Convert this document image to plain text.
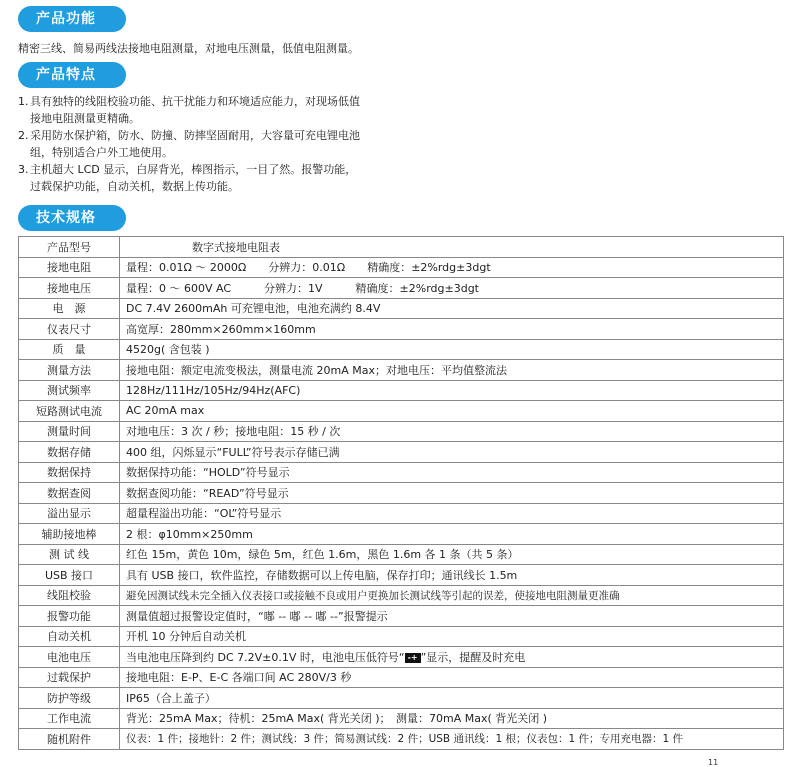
产品功能
精密三线、简易两线法接地电阻测量，对地电压测量，低值电阻测量。
产品特点
1. 具有独特的线阻校验功能、抗干扰能力和环境适应能力，对现场低值
接地电阻测量更精确。
2. 采用防水保护箱，防水、防撞、防摔坚固耐用，大容量可充电锂电池
组，特别适合户外工地使用。
3. 主机超大 LCD 显示，白屏背光，棒图指示，一目了然。报警功能，
过载保护功能，自动关机，数据上传功能。
技术规格
产品型号	　　　　　　数字式接地电阻表
接地电阻	量程：0.01Ω ～ 2000Ω　　分辨力：0.01Ω　　精确度：±2%rdg±3dgt
接地电压	量程：0 ～ 600V AC　　　分辨力：1V　　　精确度：±2%rdg±3dgt
电　源	DC 7.4V 2600mAh 可充锂电池，电池充满约 8.4V
仪表尺寸	高宽厚：280mm×260mm×160mm
质　量	4520g( 含包装 )
测量方法	接地电阻：额定电流变极法，测量电流 20mA Max；对地电压：平均值整流法
测试频率	128Hz/111Hz/105Hz/94Hz(AFC)
短路测试电流	AC 20mA max
测量时间	对地电压：3 次 / 秒；接地电阻：15 秒 / 次
数据存储	400 组，闪烁显示“FULL”符号表示存储已满
数据保持	数据保持功能：“HOLD”符号显示
数据查阅	数据查阅功能：“READ”符号显示
溢出显示	超量程溢出功能：“OL”符号显示
辅助接地棒	2 根：φ10mm×250mm
测 试 线	红色 15m，黄色 10m，绿色 5m，红色 1.6m，黑色 1.6m 各 1 条（共 5 条）
USB 接口	具有 USB 接口，软件监控，存储数据可以上传电脑，保存打印；通讯线长 1.5m
线阻校验	避免因测试线未完全插入仪表接口或接触不良或用户更换加长测试线等引起的误差，使接地电阻测量更准确
报警功能	测量值超过报警设定值时，“嘟 -- 嘟 -- 嘟 --”报警提示
自动关机	开机 10 分钟后自动关机
电池电压	当电池电压降到约 DC 7.2V±0.1V 时，电池电压低符号“ -+ ”显示，提醒及时充电
过载保护	接地电阻：E-P、E-C 各端口间 AC 280V/3 秒
防护等级	IP65（合上盖子）
工作电流	背光：25mA Max；待机：25mA Max( 背光关闭 )；　测量：70mA Max( 背光关闭 )
随机附件	仪表：1 件；接地针：2 件；测试线：3 件；简易测试线：2 件；USB 通讯线：1 根；仪表包：1 件；专用充电器：1 件
11
